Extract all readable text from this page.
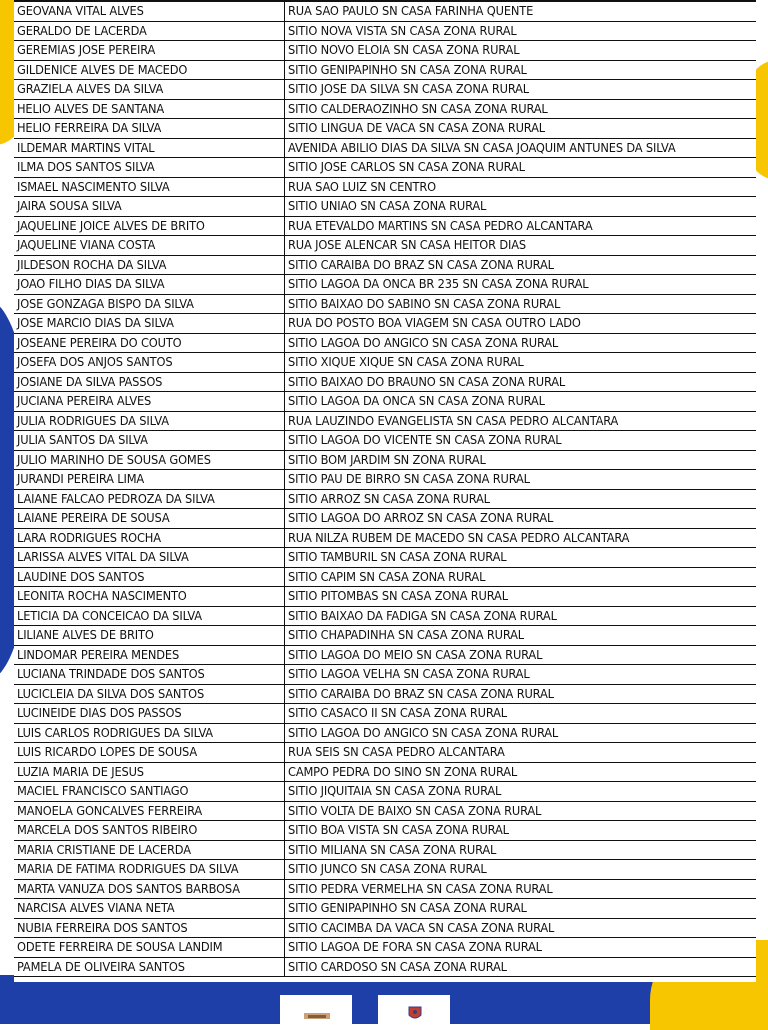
GEOVANA VITAL ALVES	RUA SAO PAULO SN CASA FARINHA QUENTE
GERALDO DE LACERDA	SITIO NOVA VISTA SN CASA ZONA RURAL
GEREMIAS JOSE PEREIRA	SITIO NOVO ELOIA SN CASA ZONA RURAL
GILDENICE ALVES DE MACEDO	SITIO GENIPAPINHO SN CASA ZONA RURAL
GRAZIELA ALVES DA SILVA	SITIO JOSE DA SILVA SN CASA ZONA RURAL
HELIO ALVES DE SANTANA	SITIO CALDERAOZINHO SN CASA ZONA RURAL
HELIO FERREIRA DA SILVA	SITIO LINGUA DE VACA SN CASA ZONA RURAL
ILDEMAR MARTINS VITAL	AVENIDA ABILIO DIAS DA SILVA SN CASA JOAQUIM ANTUNES DA SILVA
ILMA DOS SANTOS SILVA	SITIO JOSE CARLOS SN CASA ZONA RURAL
ISMAEL NASCIMENTO SILVA	RUA SAO LUIZ SN CENTRO
JAIRA SOUSA SILVA	SITIO UNIAO SN CASA ZONA RURAL
JAQUELINE JOICE ALVES DE BRITO	RUA ETEVALDO MARTINS SN CASA PEDRO ALCANTARA
JAQUELINE VIANA COSTA	RUA JOSE ALENCAR SN CASA HEITOR DIAS
JILDESON ROCHA DA SILVA	SITIO CARAIBA DO BRAZ SN CASA ZONA RURAL
JOAO FILHO DIAS DA SILVA	SITIO LAGOA DA ONCA BR 235 SN CASA ZONA RURAL
JOSE GONZAGA BISPO DA SILVA	SITIO BAIXAO DO SABINO SN CASA ZONA RURAL
JOSE MARCIO DIAS DA SILVA	RUA DO POSTO BOA VIAGEM SN CASA OUTRO LADO
JOSEANE PEREIRA DO COUTO	SITIO LAGOA DO ANGICO SN CASA ZONA RURAL
JOSEFA DOS ANJOS SANTOS	SITIO XIQUE XIQUE SN CASA ZONA RURAL
JOSIANE DA SILVA PASSOS	SITIO BAIXAO DO BRAUNO SN CASA ZONA RURAL
JUCIANA PEREIRA ALVES	SITIO LAGOA DA ONCA SN CASA ZONA RURAL
JULIA RODRIGUES DA SILVA	RUA LAUZINDO EVANGELISTA SN CASA PEDRO ALCANTARA
JULIA SANTOS DA SILVA	SITIO LAGOA DO VICENTE SN CASA ZONA RURAL
JULIO MARINHO DE SOUSA GOMES	SITIO BOM JARDIM SN ZONA RURAL
JURANDI PEREIRA LIMA	SITIO PAU DE BIRRO SN CASA ZONA RURAL
LAIANE FALCAO PEDROZA DA SILVA	SITIO ARROZ SN CASA ZONA RURAL
LAIANE PEREIRA DE SOUSA	SITIO LAGOA DO ARROZ SN CASA ZONA RURAL
LARA RODRIGUES ROCHA	RUA NILZA RUBEM DE MACEDO SN CASA PEDRO ALCANTARA
LARISSA ALVES VITAL DA SILVA	SITIO TAMBURIL SN CASA ZONA RURAL
LAUDINE DOS SANTOS	SITIO CAPIM SN CASA ZONA RURAL
LEONITA ROCHA NASCIMENTO	SITIO PITOMBAS SN CASA ZONA RURAL
LETICIA DA CONCEICAO DA SILVA	SITIO BAIXAO DA FADIGA SN CASA ZONA RURAL
LILIANE ALVES DE BRITO	SITIO CHAPADINHA SN CASA ZONA RURAL
LINDOMAR PEREIRA MENDES	SITIO LAGOA DO MEIO SN CASA ZONA RURAL
LUCIANA TRINDADE DOS SANTOS	SITIO LAGOA VELHA SN CASA ZONA RURAL
LUCICLEIA DA SILVA DOS SANTOS	SITIO CARAIBA DO BRAZ SN CASA ZONA RURAL
LUCINEIDE DIAS DOS PASSOS	SITIO CASACO II SN CASA ZONA RURAL
LUIS CARLOS RODRIGUES DA SILVA	SITIO LAGOA DO ANGICO SN CASA ZONA RURAL
LUIS RICARDO LOPES DE SOUSA	RUA SEIS SN CASA PEDRO ALCANTARA
LUZIA MARIA DE JESUS	CAMPO PEDRA DO SINO SN ZONA RURAL
MACIEL FRANCISCO SANTIAGO	SITIO JIQUITAIA SN CASA ZONA RURAL
MANOELA GONCALVES FERREIRA	SITIO VOLTA DE BAIXO SN CASA ZONA RURAL
MARCELA DOS SANTOS RIBEIRO	SITIO BOA VISTA SN CASA ZONA RURAL
MARIA CRISTIANE DE LACERDA	SITIO MILIANA SN CASA ZONA RURAL
MARIA DE FATIMA RODRIGUES DA SILVA	SITIO JUNCO SN CASA ZONA RURAL
MARTA VANUZA DOS SANTOS BARBOSA	SITIO PEDRA VERMELHA SN CASA ZONA RURAL
NARCISA ALVES VIANA NETA	SITIO GENIPAPINHO SN CASA ZONA RURAL
NUBIA FERREIRA DOS SANTOS	SITIO CACIMBA DA VACA SN CASA ZONA RURAL
ODETE FERREIRA DE SOUSA LANDIM	SITIO LAGOA DE FORA SN CASA ZONA RURAL
PAMELA DE OLIVEIRA SANTOS	SITIO CARDOSO SN CASA ZONA RURAL
